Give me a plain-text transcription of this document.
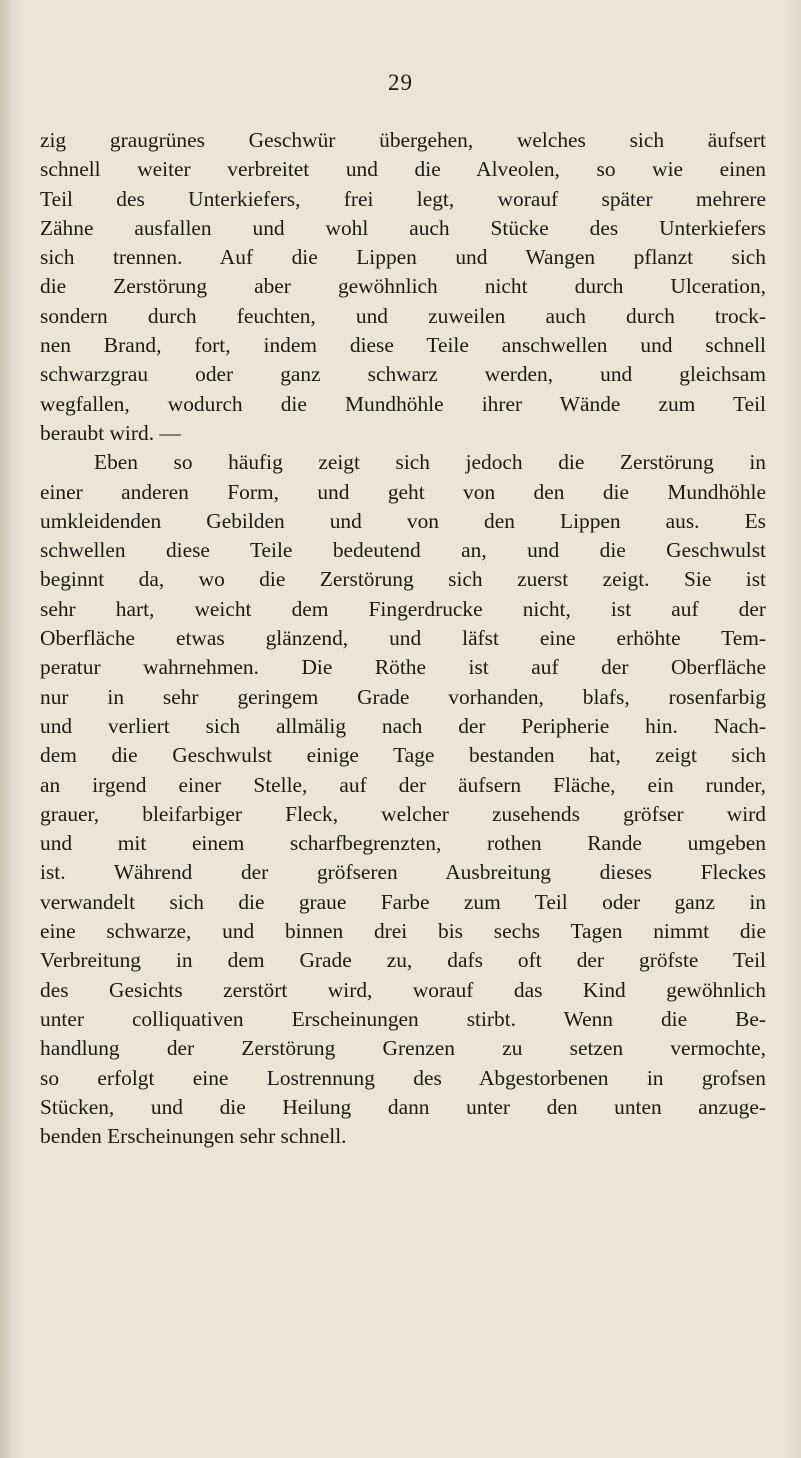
29
zig graugrünes Geschwür übergehen, welches sich äufsert
schnell weiter verbreitet und die Alveolen, so wie einen
Teil des Unterkiefers, frei legt, worauf später mehrere
Zähne ausfallen und wohl auch Stücke des Unterkiefers
sich trennen. Auf die Lippen und Wangen pflanzt sich
die Zerstörung aber gewöhnlich nicht durch Ulceration,
sondern durch feuchten, und zuweilen auch durch trock-
nen Brand, fort, indem diese Teile anschwellen und schnell
schwarzgrau oder ganz schwarz werden, und gleichsam
wegfallen, wodurch die Mundhöhle ihrer Wände zum Teil
beraubt wird. —
Eben so häufig zeigt sich jedoch die Zerstörung in
einer anderen Form, und geht von den die Mundhöhle
umkleidenden Gebilden und von den Lippen aus. Es
schwellen diese Teile bedeutend an, und die Geschwulst
beginnt da, wo die Zerstörung sich zuerst zeigt. Sie ist
sehr hart, weicht dem Fingerdrucke nicht, ist auf der
Oberfläche etwas glänzend, und läfst eine erhöhte Tem-
peratur wahrnehmen. Die Röthe ist auf der Oberfläche
nur in sehr geringem Grade vorhanden, blafs, rosenfarbig
und verliert sich allmälig nach der Peripherie hin. Nach-
dem die Geschwulst einige Tage bestanden hat, zeigt sich
an irgend einer Stelle, auf der äufsern Fläche, ein runder,
grauer, bleifarbiger Fleck, welcher zusehends gröfser wird
und mit einem scharfbegrenzten, rothen Rande umgeben
ist. Während der gröfseren Ausbreitung dieses Fleckes
verwandelt sich die graue Farbe zum Teil oder ganz in
eine schwarze, und binnen drei bis sechs Tagen nimmt die
Verbreitung in dem Grade zu, dafs oft der gröfste Teil
des Gesichts zerstört wird, worauf das Kind gewöhnlich
unter colliquativen Erscheinungen stirbt. Wenn die Be-
handlung der Zerstörung Grenzen zu setzen vermochte,
so erfolgt eine Lostrennung des Abgestorbenen in grofsen
Stücken, und die Heilung dann unter den unten anzuge-
benden Erscheinungen sehr schnell.
